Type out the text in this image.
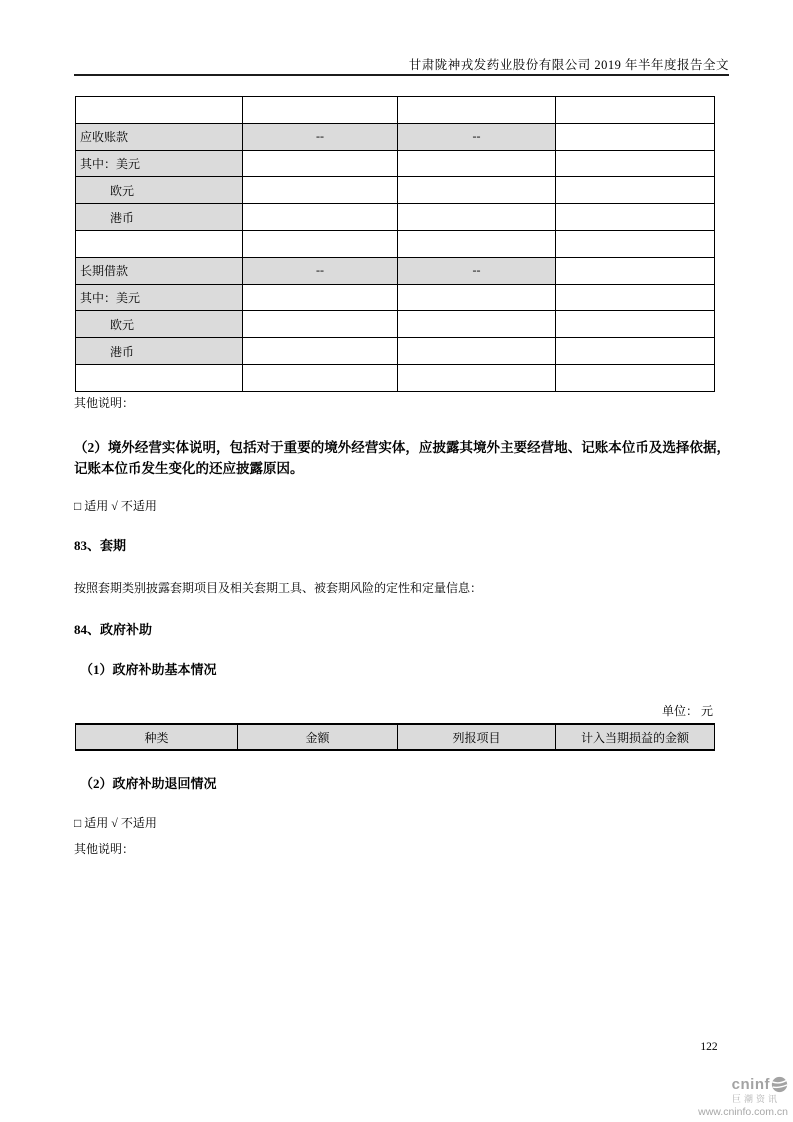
甘肃陇神戎发药业股份有限公司 2019 年半年度报告全文

应收账款	--	--	
其中：美元			
欧元			
港币			

长期借款	--	--	
其中：美元			
欧元			
港币			

其他说明：
（2）境外经营实体说明，包括对于重要的境外经营实体，应披露其境外主要经营地、记账本位币及选择依据，记账本位币发生变化的还应披露原因。
□ 适用 √ 不适用
83、套期
按照套期类别披露套期项目及相关套期工具、被套期风险的定性和定量信息：
84、政府补助
（1）政府补助基本情况
单位： 元
种类	金额	列报项目	计入当期损益的金额
（2）政府补助退回情况
□ 适用 √ 不适用
其他说明：
122
cninf
巨潮资讯
www.cninfo.com.cn
